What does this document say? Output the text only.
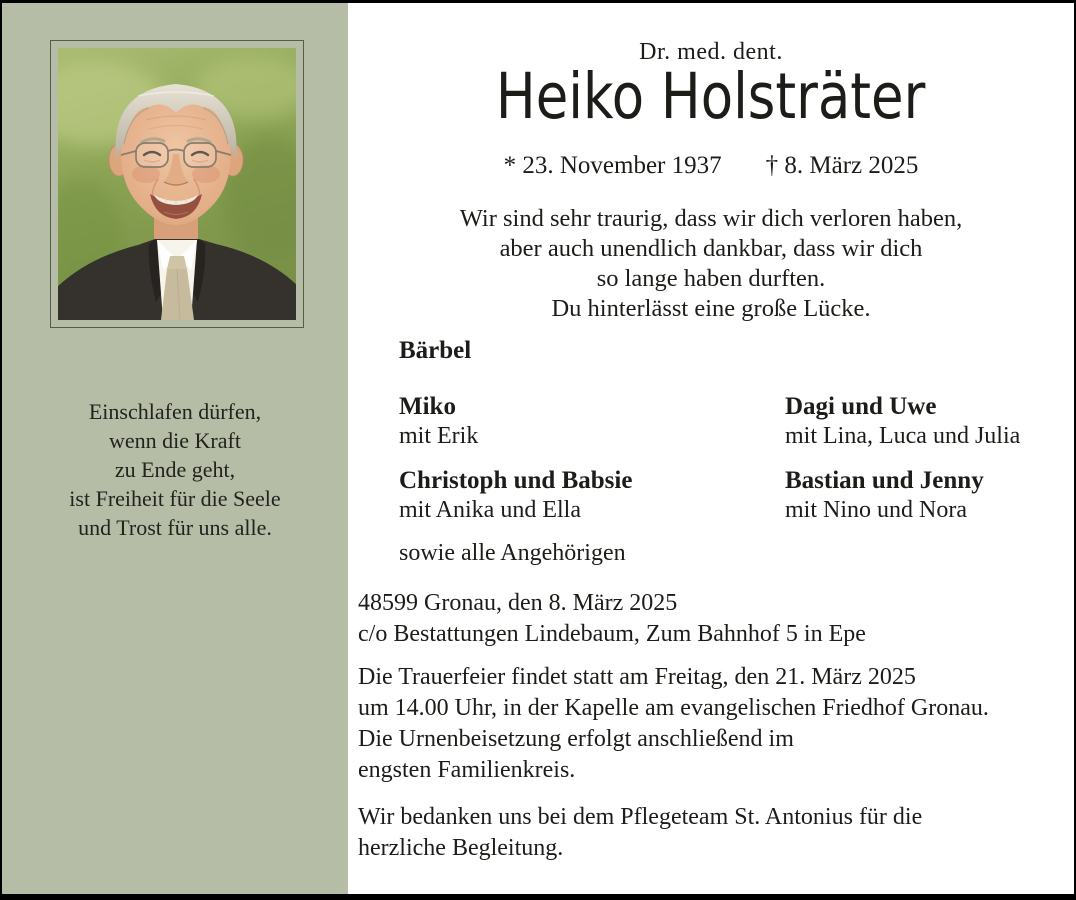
Einschlafen dürfen,
wenn die Kraft
zu Ende geht,
ist Freiheit für die Seele
und Trost für uns alle.
Dr. med. dent.
Heiko Holsträter
* 23. November 1937 † 8. März 2025
Wir sind sehr traurig, dass wir dich verloren haben,
aber auch unendlich dankbar, dass wir dich
so lange haben durften.
Du hinterlässt eine große Lücke.
Bärbel
Miko
mit Erik
Dagi und Uwe
mit Lina, Luca und Julia
Christoph und Babsie
mit Anika und Ella
Bastian und Jenny
mit Nino und Nora
sowie alle Angehörigen
48599 Gronau, den 8. März 2025
c/o Bestattungen Lindebaum, Zum Bahnhof 5 in Epe
Die Trauerfeier findet statt am Freitag, den 21. März 2025
um 14.00 Uhr, in der Kapelle am evangelischen Friedhof Gronau.
Die Urnenbeisetzung erfolgt anschließend im
engsten Familienkreis.
Wir bedanken uns bei dem Pflegeteam St. Antonius für die
herzliche Begleitung.
